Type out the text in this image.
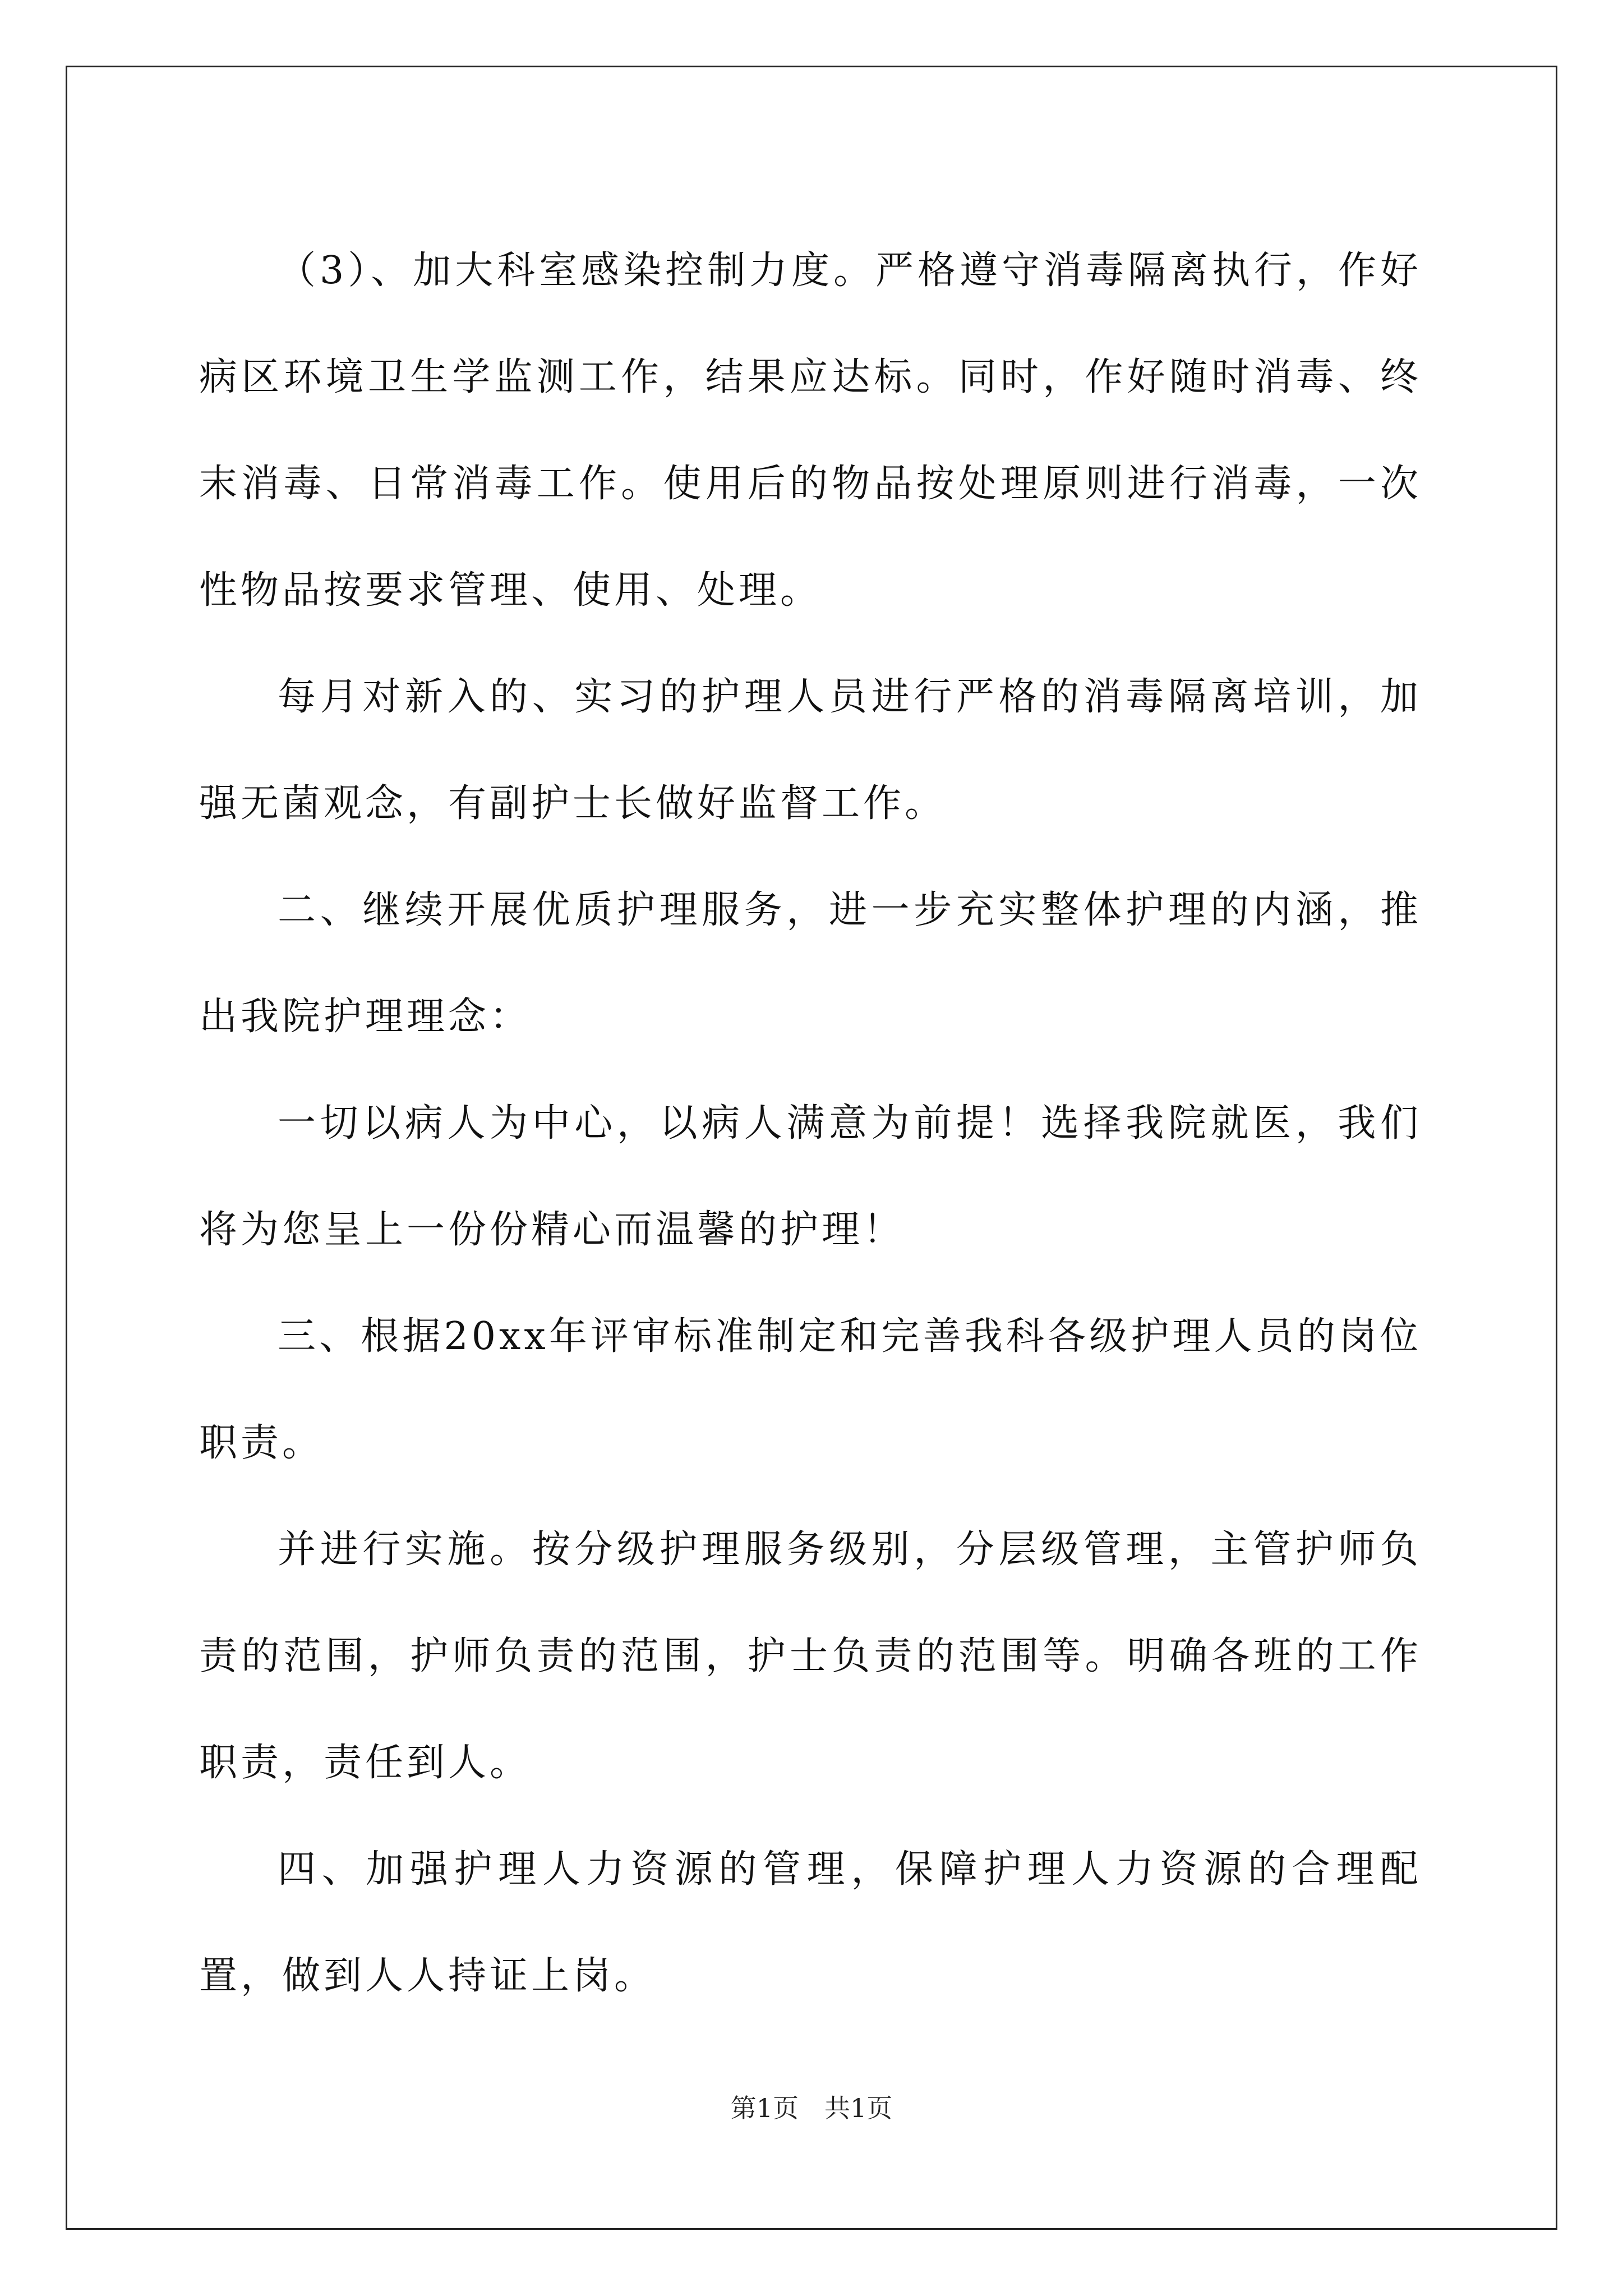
（3）、加大科室感染控制力度。严格遵守消毒隔离执行，作好病区环境卫生学监测工作，结果应达标。同时，作好随时消毒、终末消毒、日常消毒工作。使用后的物品按处理原则进行消毒，一次性物品按要求管理、使用、处理。

每月对新入的、实习的护理人员进行严格的消毒隔离培训，加强无菌观念，有副护士长做好监督工作。

二、继续开展优质护理服务，进一步充实整体护理的内涵，推出我院护理理念：

一切以病人为中心，以病人满意为前提！选择我院就医，我们将为您呈上一份份精心而温馨的护理！

三、根据20xx年评审标准制定和完善我科各级护理人员的岗位职责。

并进行实施。按分级护理服务级别，分层级管理，主管护师负责的范围，护师负责的范围，护士负责的范围等。明确各班的工作职责，责任到人。

四、加强护理人力资源的管理，保障护理人力资源的合理配置，做到人人持证上岗。

第1页　共1页
